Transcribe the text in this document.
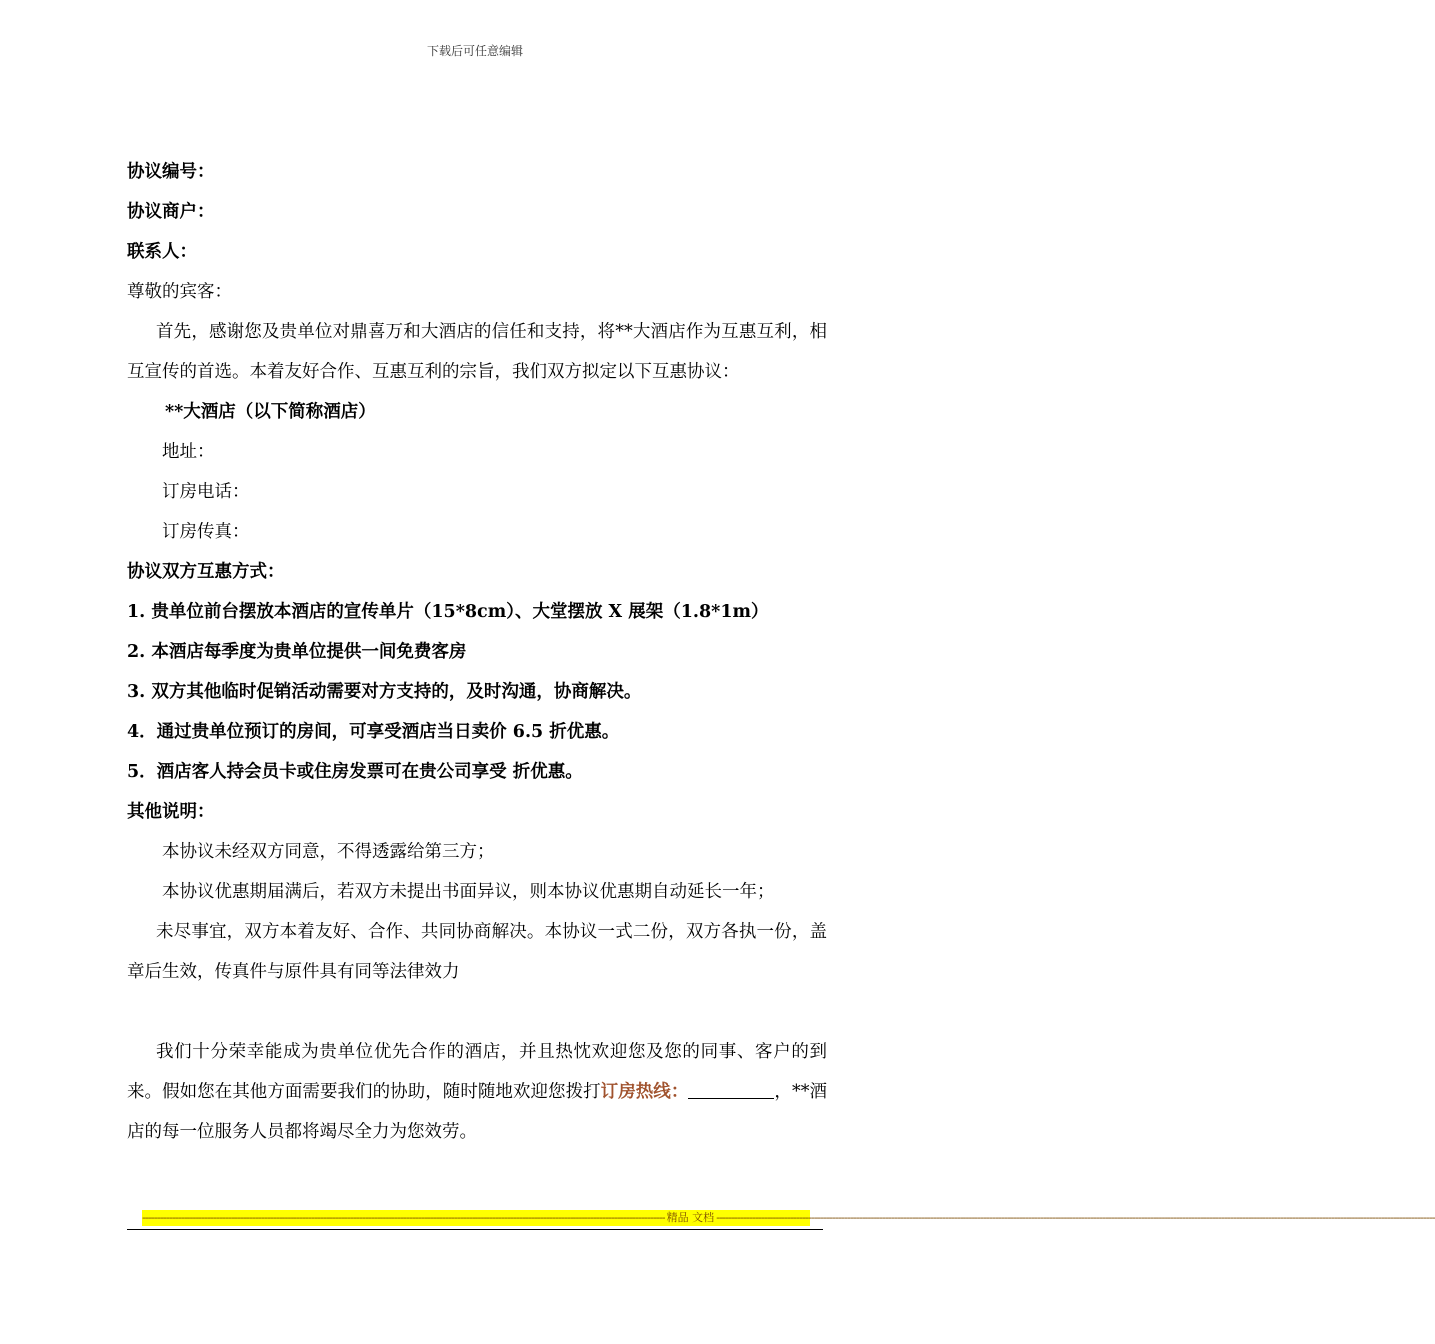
下载后可任意编辑
协议编号：
协议商户：
联系人：
尊敬的宾客：
首先，感谢您及贵单位对鼎喜万和大酒店的信任和支持，将**大酒店作为互惠互利，相互宣传的首选。本着友好合作、互惠互利的宗旨，我们双方拟定以下互惠协议：
**大酒店（以下简称酒店）
地址：
订房电话：
订房传真：
协议双方互惠方式：
1. 贵单位前台摆放本酒店的宣传单片（15*8cm）、大堂摆放 X 展架（1.8*1m）
2. 本酒店每季度为贵单位提供一间免费客房
3. 双方其他临时促销活动需要对方支持的，及时沟通，协商解决。
4．通过贵单位预订的房间，可享受酒店当日卖价 6.5 折优惠。
5．酒店客人持会员卡或住房发票可在贵公司享受 折优惠。
其他说明：
本协议未经双方同意，不得透露给第三方；
本协议优惠期届满后，若双方未提出书面异议，则本协议优惠期自动延长一年；
未尽事宜，双方本着友好、合作、共同协商解决。本协议一式二份，双方各执一份，盖章后生效，传真件与原件具有同等法律效力
我们十分荣幸能成为贵单位优先合作的酒店，并且热忱欢迎您及您的同事、客户的到来。假如您在其他方面需要我们的协助，随时随地欢迎您拨打订房热线：	，**酒店的每一位服务人员都将竭尽全力为您效劳。
-------------------------------------------------------------------------------------------------------------------------------------------------------------------------------- 精品 文档 --------------------------------------------------------------------------------------------------------------------------------------------------------------------------------------------------------------------------------------------------
